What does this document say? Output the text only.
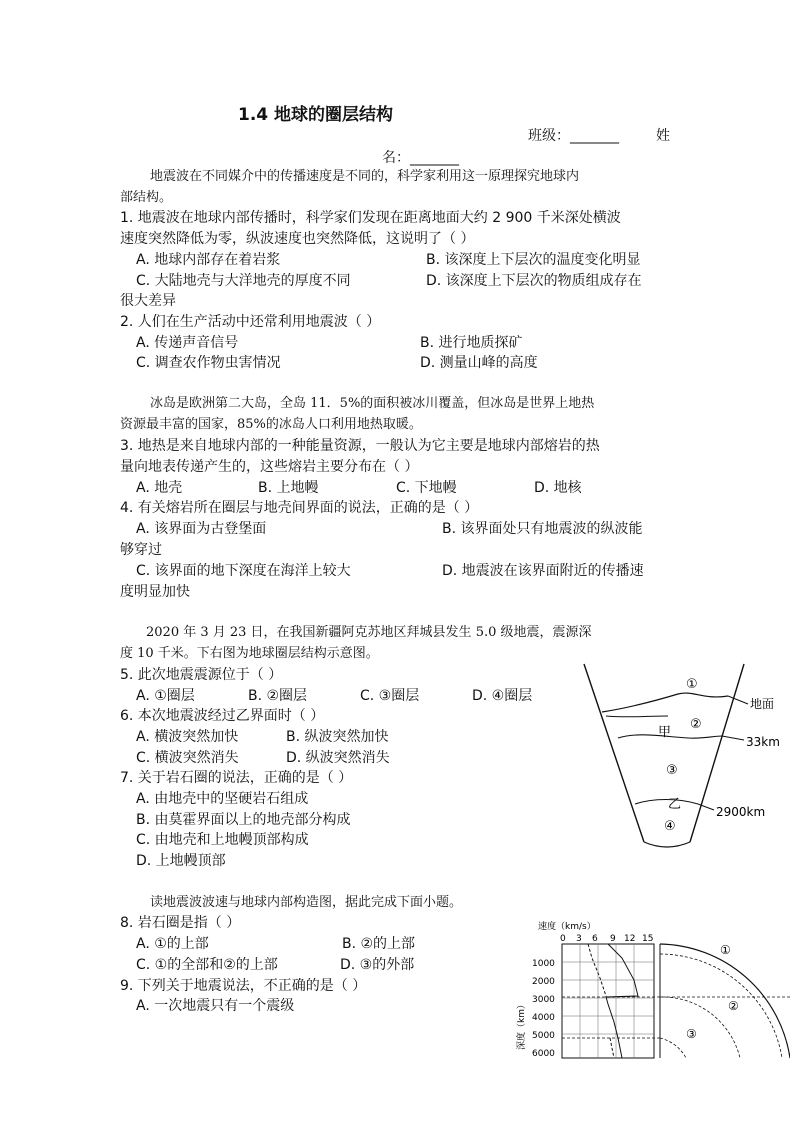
1.4 地球的圈层结构
班级：_______	姓
名：_______
地震波在不同媒介中的传播速度是不同的，科学家利用这一原理探究地球内
部结构。
1. 地震波在地球内部传播时，科学家们发现在距离地面大约 2 900 千米深处横波
速度突然降低为零，纵波速度也突然降低，这说明了（ ）
A. 地球内部存在着岩浆	B. 该深度上下层次的温度变化明显
C. 大陆地壳与大洋地壳的厚度不同	D. 该深度上下层次的物质组成存在
很大差异
2. 人们在生产活动中还常利用地震波（ ）
A. 传递声音信号	B. 进行地质探矿
C. 调查农作物虫害情况	D. 测量山峰的高度
冰岛是欧洲第二大岛，全岛 11．5%的面积被冰川覆盖，但冰岛是世界上地热
资源最丰富的国家，85%的冰岛人口利用地热取暖。
3. 地热是来自地球内部的一种能量资源，一般认为它主要是地球内部熔岩的热
量向地表传递产生的，这些熔岩主要分布在（ ）
A. 地壳	B. 上地幔	C. 下地幔	D. 地核
4. 有关熔岩所在圈层与地壳间界面的说法，正确的是（ ）
A. 该界面为古登堡面	B. 该界面处只有地震波的纵波能
够穿过
C. 该界面的地下深度在海洋上较大	D. 地震波在该界面附近的传播速
度明显加快
2020 年 3 月 23 日，在我国新疆阿克苏地区拜城县发生 5.0 级地震，震源深
度 10 千米。下右图为地球圈层结构示意图。
5. 此次地震震源位于（ ）
A. ①圈层	B. ②圈层	C. ③圈层	D. ④圈层
6. 本次地震波经过乙界面时（ ）
A. 横波突然加快	B. 纵波突然加快
C. 横波突然消失	D. 纵波突然消失
7. 关于岩石圈的说法，正确的是（ ）
A. 由地壳中的坚硬岩石组成
B. 由莫霍界面以上的地壳部分构成
C. 由地壳和上地幔顶部构成
D. 上地幔顶部
①
②
③
④
甲
乙
地面
33km
2900km
读地震波波速与地球内部构造图，据此完成下面小题。
8. 岩石圈是指（ ）
A. ①的上部	B. ②的上部
C. ①的全部和②的上部	D. ③的外部
9. 下列关于地震说法，不正确的是（ ）
A. 一次地震只有一个震级
速度（km/s）
0 3 6 9 12 15
1000
2000
3000
4000
5000
6000
深度（km）
①
②
③
